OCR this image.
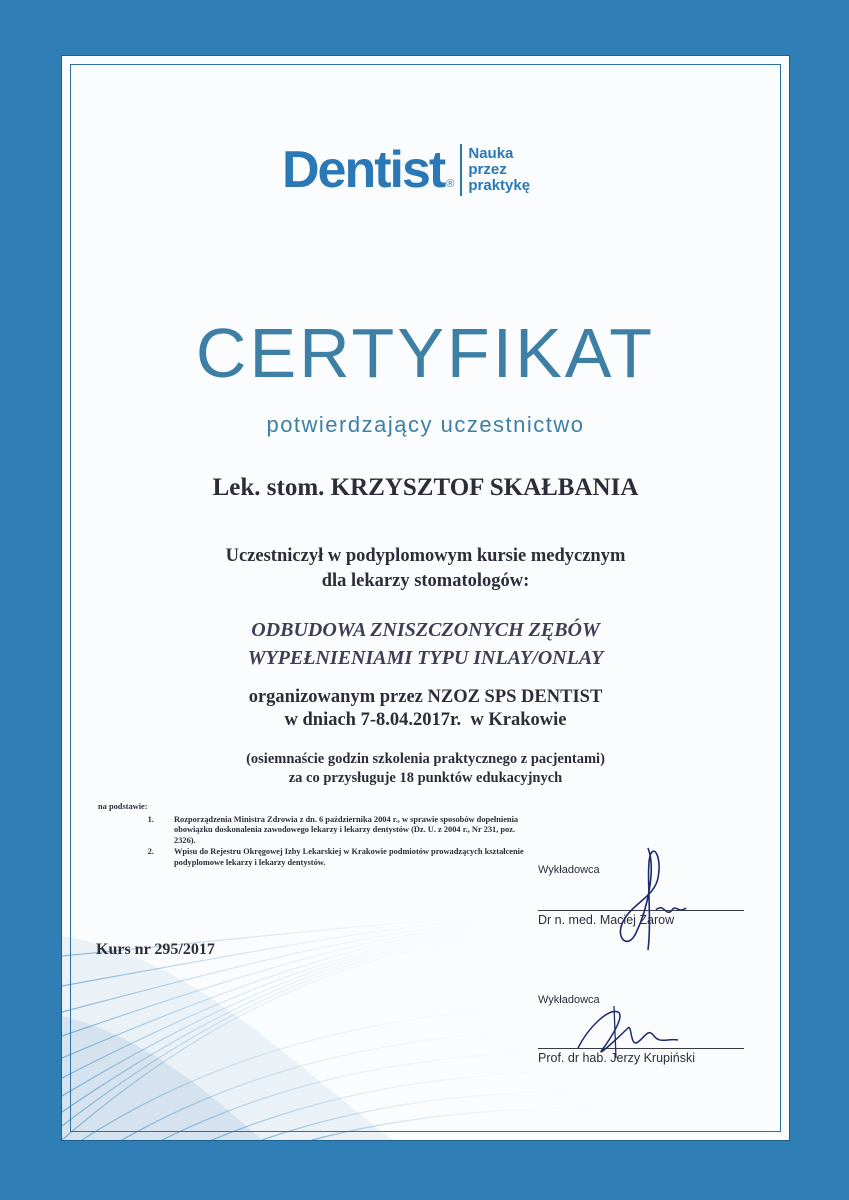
Dentist ®
Nauka
przez
praktykę
CERTYFIKAT
potwierdzający uczestnictwo
Lek. stom. KRZYSZTOF SKAŁBANIA
Uczestniczył w podyplomowym kursie medycznym
dla lekarzy stomatologów:
ODBUDOWA ZNISZCZONYCH ZĘBÓW
WYPEŁNIENIAMI TYPU INLAY/ONLAY
organizowanym przez NZOZ SPS DENTIST
w dniach 7-8.04.2017r.  w Krakowie
(osiemnaście godzin szkolenia praktycznego z pacjentami)
za co przysługuje 18 punktów edukacyjnych
na podstawie:
1. Rozporządzenia Ministra Zdrowia z dn. 6 października 2004 r., w sprawie sposobów dopełnienia obowiązku doskonalenia zawodowego lekarzy i lekarzy dentystów (Dz. U. z 2004 r., Nr 231, poz. 2326).
2. Wpisu do Rejestru Okręgowej Izby Lekarskiej w Krakowie podmiotów prowadzących kształcenie podyplomowe lekarzy i lekarzy dentystów.
Kurs nr 295/2017
Wykładowca
Dr n. med. Maciej Żarow
Wykładowca
Prof. dr hab. Jerzy Krupiński
